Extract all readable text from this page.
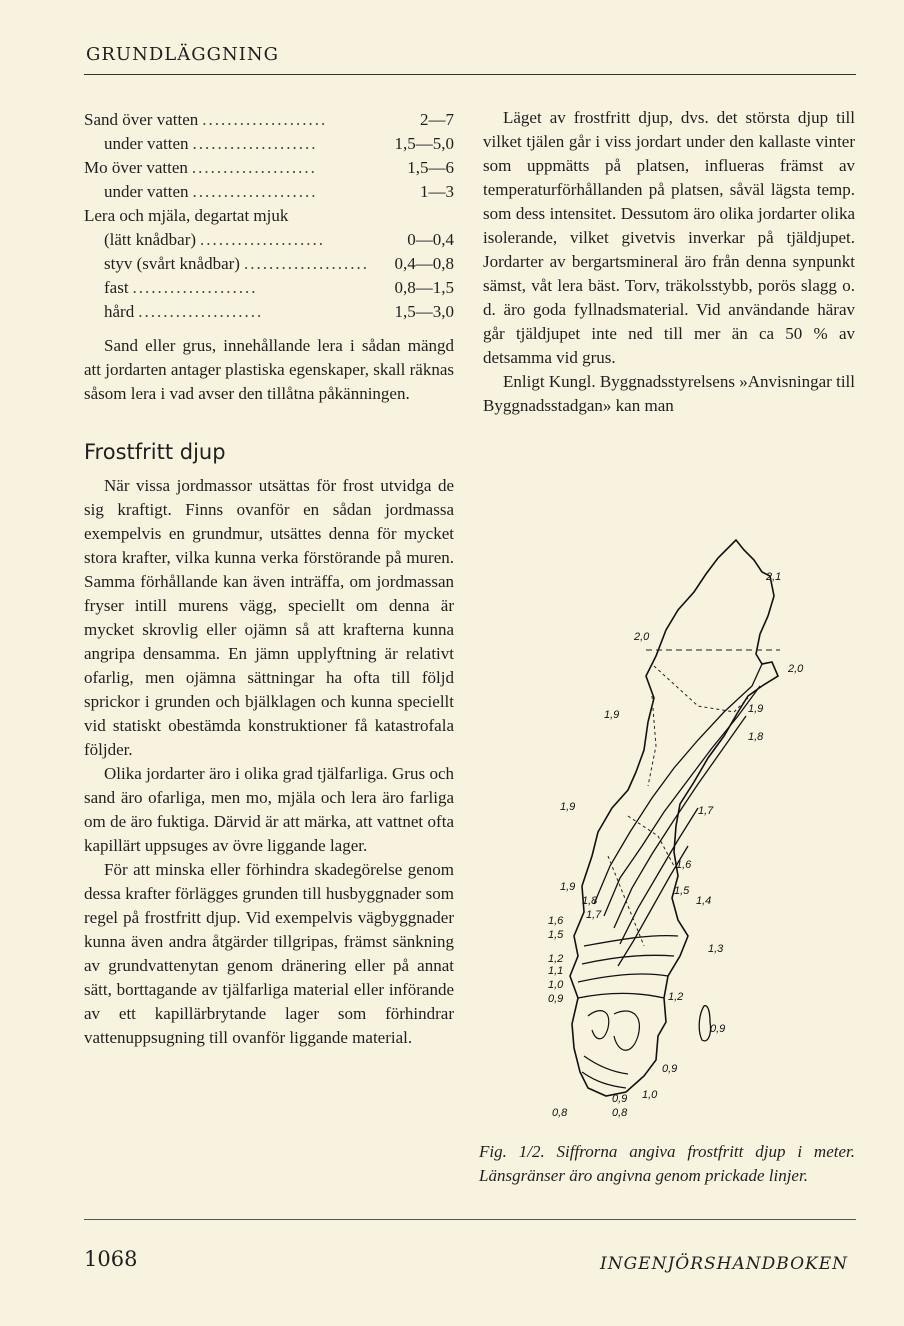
GRUNDLÄGGNING
Sand över vatten ....................	2—7
under vatten ....................	1,5—5,0
Mo över vatten ....................	1,5—6
under vatten ....................	1—3
Lera och mjäla, degartat mjuk
(lätt knådbar) ....................	0—0,4
styv (svårt knådbar) ....................	0,4—0,8
fast ....................	0,8—1,5
hård ....................	1,5—3,0

Sand eller grus, innehållande lera i sådan mängd att jordarten antager plastiska egenskaper, skall räknas såsom lera i vad avser den tillåtna påkänningen.

Frostfritt djup

När vissa jordmassor utsättas för frost utvidga de sig kraftigt. Finns ovanför en sådan jordmassa exempelvis en grundmur, utsättes denna för mycket stora krafter, vilka kunna verka förstörande på muren. Samma förhållande kan även inträffa, om jordmassan fryser intill murens vägg, speciellt om denna är mycket skrovlig eller ojämn så att krafterna kunna angripa densamma. En jämn upplyftning är relativt ofarlig, men ojämna sättningar ha ofta till följd sprickor i grunden och bjälklagen och kunna speciellt vid statiskt obestämda konstruktioner få katastrofala följder.

Olika jordarter äro i olika grad tjälfarliga. Grus och sand äro ofarliga, men mo, mjäla och lera äro farliga om de äro fuktiga. Därvid är att märka, att vattnet ofta kapillärt uppsuges av övre liggande lager.

För att minska eller förhindra skadegörelse genom dessa krafter förlägges grunden till husbyggnader som regel på frostfritt djup. Vid exempelvis vägbyggnader kunna även andra åtgärder tillgripas, främst sänkning av grundvattenytan genom dränering eller på annat sätt, borttagande av tjälfarliga material eller införande av ett kapillärbrytande lager som förhindrar vattenuppsugning till ovanför liggande material.

Läget av frostfritt djup, dvs. det största djup till vilket tjälen går i viss jordart under den kallaste vinter som uppmätts på platsen, influeras främst av temperaturförhållanden på platsen, såväl lägsta temp. som dess intensitet. Dessutom äro olika jordarter olika isolerande, vilket givetvis inverkar på tjäldjupet. Jordarter av bergartsmineral äro från denna synpunkt sämst, våt lera bäst. Torv, träkolsstybb, porös slagg o. d. äro goda fyllnadsmaterial. Vid användande härav går tjäldjupet inte ned till mer än ca 50 % av detsamma vid grus.

Enligt Kungl. Byggnadsstyrelsens »Anvisningar till Byggnadsstadgan» kan man

2,1
2,0
2,0
1,9
1,8
1,9
1,9	1,7
1,6
1,9
1,8
1,7
1,5
1,4
1,6
1,5
1,3
1,2
1,1
1,0
0,9	1,2
0,9
0,9
1,0
0,8
0,9
0,8
Fig. 1/2. Siffrorna angiva frostfritt djup i meter. Länsgränser äro angivna genom prickade linjer.
1068	INGENJÖRSHANDBOKEN
